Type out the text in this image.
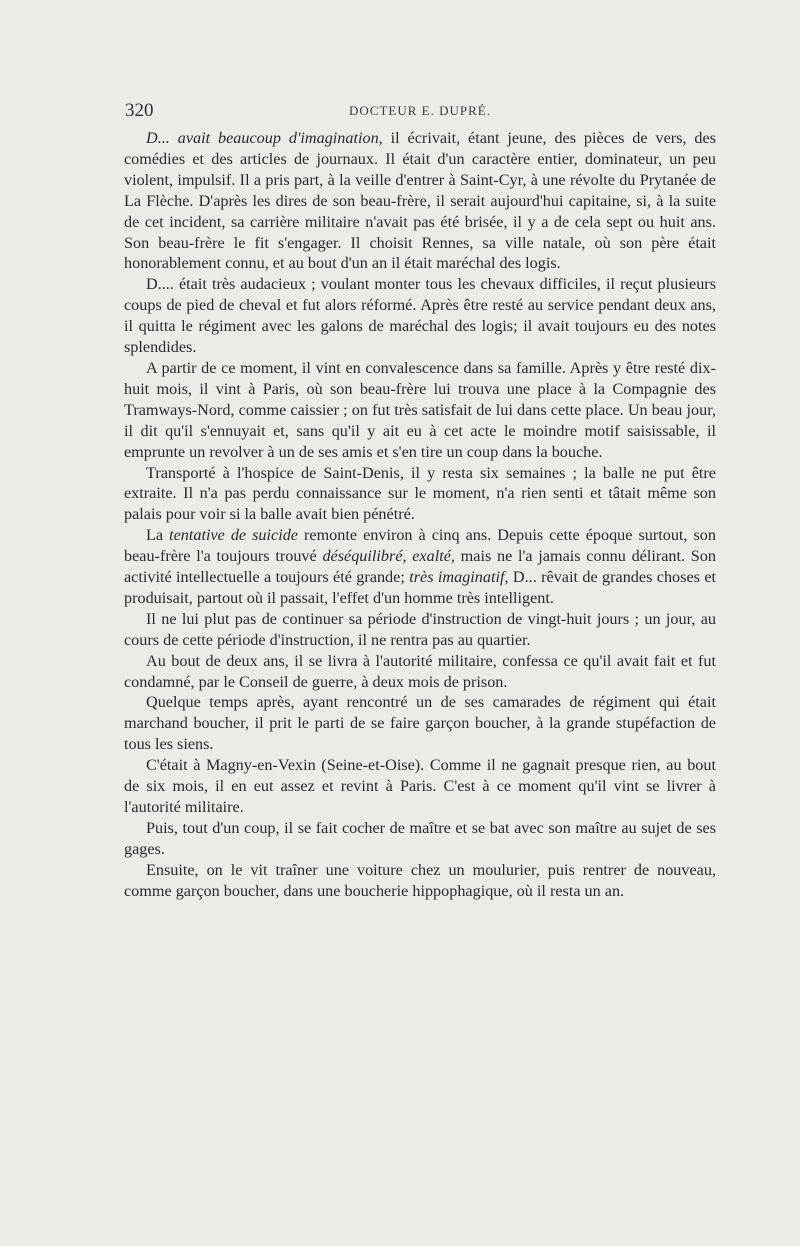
320	DOCTEUR E. DUPRÉ.

D... avait beaucoup d'imagination, il écrivait, étant jeune, des pièces de vers, des comédies et des articles de journaux. Il était d'un caractère entier, dominateur, un peu violent, impulsif. Il a pris part, à la veille d'entrer à Saint-Cyr, à une révolte du Prytanée de La Flèche. D'après les dires de son beau-frère, il serait aujourd'hui capitaine, si, à la suite de cet incident, sa carrière militaire n'avait pas été brisée, il y a de cela sept ou huit ans. Son beau-frère le fit s'engager. Il choisit Rennes, sa ville natale, où son père était honorablement connu, et au bout d'un an il était maréchal des logis.

D.... était très audacieux ; voulant monter tous les chevaux difficiles, il reçut plusieurs coups de pied de cheval et fut alors réformé. Après être resté au service pendant deux ans, il quitta le régiment avec les galons de maréchal des logis; il avait toujours eu des notes splendides.

A partir de ce moment, il vint en convalescence dans sa famille. Après y être resté dix-huit mois, il vint à Paris, où son beau-frère lui trouva une place à la Compagnie des Tramways-Nord, comme caissier ; on fut très satisfait de lui dans cette place. Un beau jour, il dit qu'il s'ennuyait et, sans qu'il y ait eu à cet acte le moindre motif saisissable, il emprunte un revolver à un de ses amis et s'en tire un coup dans la bouche.

Transporté à l'hospice de Saint-Denis, il y resta six semaines ; la balle ne put être extraite. Il n'a pas perdu connaissance sur le moment, n'a rien senti et tâtait même son palais pour voir si la balle avait bien pénétré.

La tentative de suicide remonte environ à cinq ans. Depuis cette époque surtout, son beau-frère l'a toujours trouvé déséquilibré, exalté, mais ne l'a jamais connu délirant. Son activité intellectuelle a toujours été grande; très imaginatif, D... rêvait de grandes choses et produisait, partout où il passait, l'effet d'un homme très intelligent.

Il ne lui plut pas de continuer sa période d'instruction de vingt-huit jours ; un jour, au cours de cette période d'instruction, il ne rentra pas au quartier.

Au bout de deux ans, il se livra à l'autorité militaire, confessa ce qu'il avait fait et fut condamné, par le Conseil de guerre, à deux mois de prison.

Quelque temps après, ayant rencontré un de ses camarades de régiment qui était marchand boucher, il prit le parti de se faire garçon boucher, à la grande stupéfaction de tous les siens.

C'était à Magny-en-Vexin (Seine-et-Oise). Comme il ne gagnait presque rien, au bout de six mois, il en eut assez et revint à Paris. C'est à ce moment qu'il vint se livrer à l'autorité militaire.

Puis, tout d'un coup, il se fait cocher de maître et se bat avec son maître au sujet de ses gages.

Ensuite, on le vit traîner une voiture chez un moulurier, puis rentrer de nouveau, comme garçon boucher, dans une boucherie hippophagique, où il resta un an.
